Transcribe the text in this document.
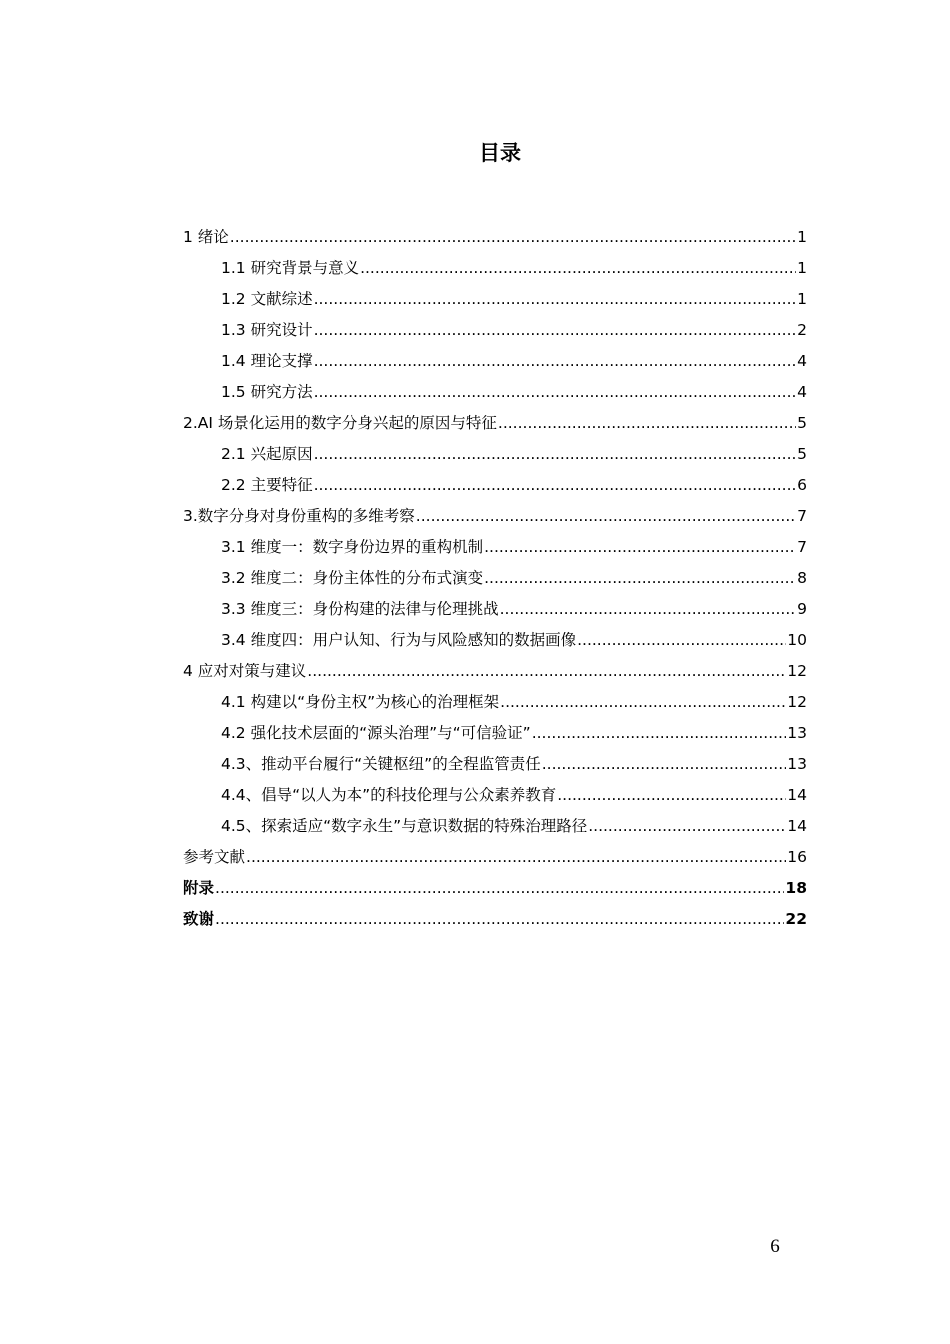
目录
1 绪论 .....	1
1.1 研究背景与意义 .....	1
1.2 文献综述 .....	1
1.3 研究设计 .....	2
1.4 理论支撑 .....	4
1.5 研究方法 .....	4
2.AI 场景化运用的数字分身兴起的原因与特征 .....	5
2.1 兴起原因 .....	5
2.2 主要特征 .....	6
3.数字分身对身份重构的多维考察 .....	7
3.1 维度一：数字身份边界的重构机制 .....	7
3.2 维度二：身份主体性的分布式演变 .....	8
3.3 维度三：身份构建的法律与伦理挑战 .....	9
3.4 维度四：用户认知、行为与风险感知的数据画像 .....	10
4 应对对策与建议 .....	12
4.1 构建以“身份主权”为核心的治理框架 .....	12
4.2 强化技术层面的“源头治理”与“可信验证” .....	13
4.3、推动平台履行“关键枢纽”的全程监管责任 .....	13
4.4、倡导“以人为本”的科技伦理与公众素养教育 .....	14
4.5、探索适应“数字永生”与意识数据的特殊治理路径 .....	14
参考文献 .....	16
附录 .....	18
致谢 .....	22
6
